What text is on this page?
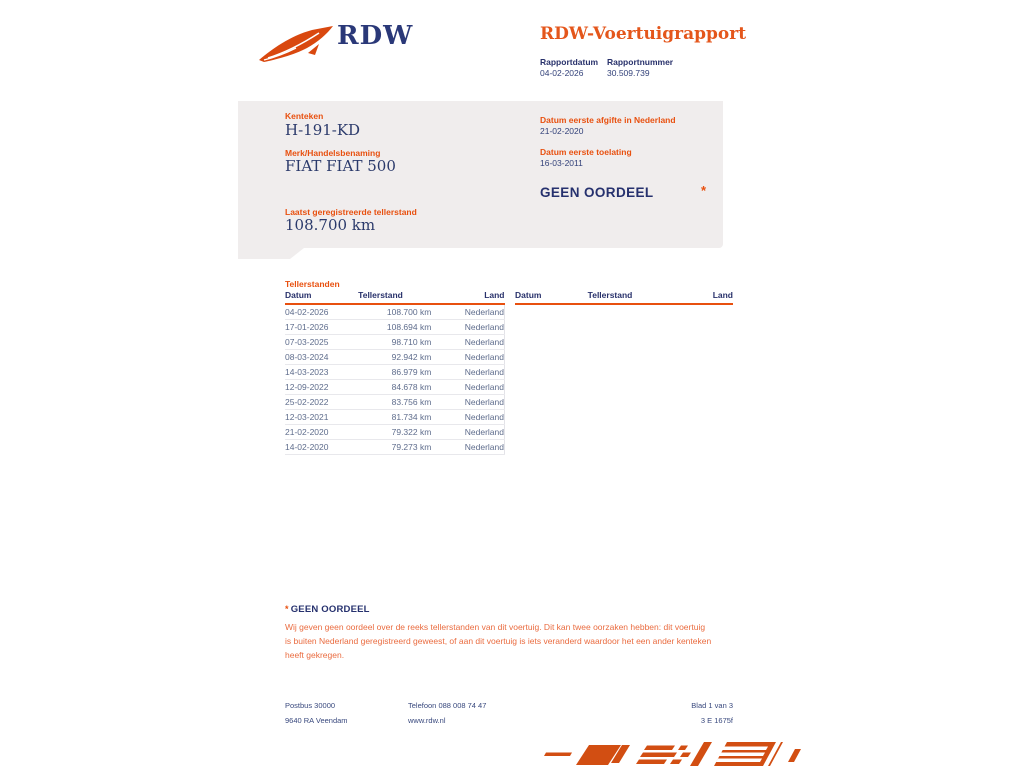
RDW	RDW-Voertuigrapport
Rapportdatum Rapportnummer
04-02-2026	30.509.739
Kenteken
H-191-KD
Merk/Handelsbenaming
FIAT FIAT 500
Laatst geregistreerde tellerstand
108.700 km
Datum eerste afgifte in Nederland
21-02-2020
Datum eerste toelating
16-03-2011
GEEN OORDEEL	*
Tellerstanden
Datum	Tellerstand	Land
04-02-2026	108.700 km	Nederland
17-01-2026	108.694 km	Nederland
07-03-2025	98.710 km	Nederland
08-03-2024	92.942 km	Nederland
14-03-2023	86.979 km	Nederland
12-09-2022	84.678 km	Nederland
25-02-2022	83.756 km	Nederland
12-03-2021	81.734 km	Nederland
21-02-2020	79.322 km	Nederland
14-02-2020	79.273 km	Nederland
Datum	Tellerstand	Land
* GEEN OORDEEL
Wij geven geen oordeel over de reeks tellerstanden van dit voertuig. Dit kan twee oorzaken hebben: dit voertuig is buiten Nederland geregistreerd geweest, of aan dit voertuig is iets veranderd waardoor het een ander kenteken heeft gekregen.
Postbus 30000
9640 RA Veendam
Telefoon 088 008 74 47
www.rdw.nl
Blad 1 van 3
3 E 1675f
